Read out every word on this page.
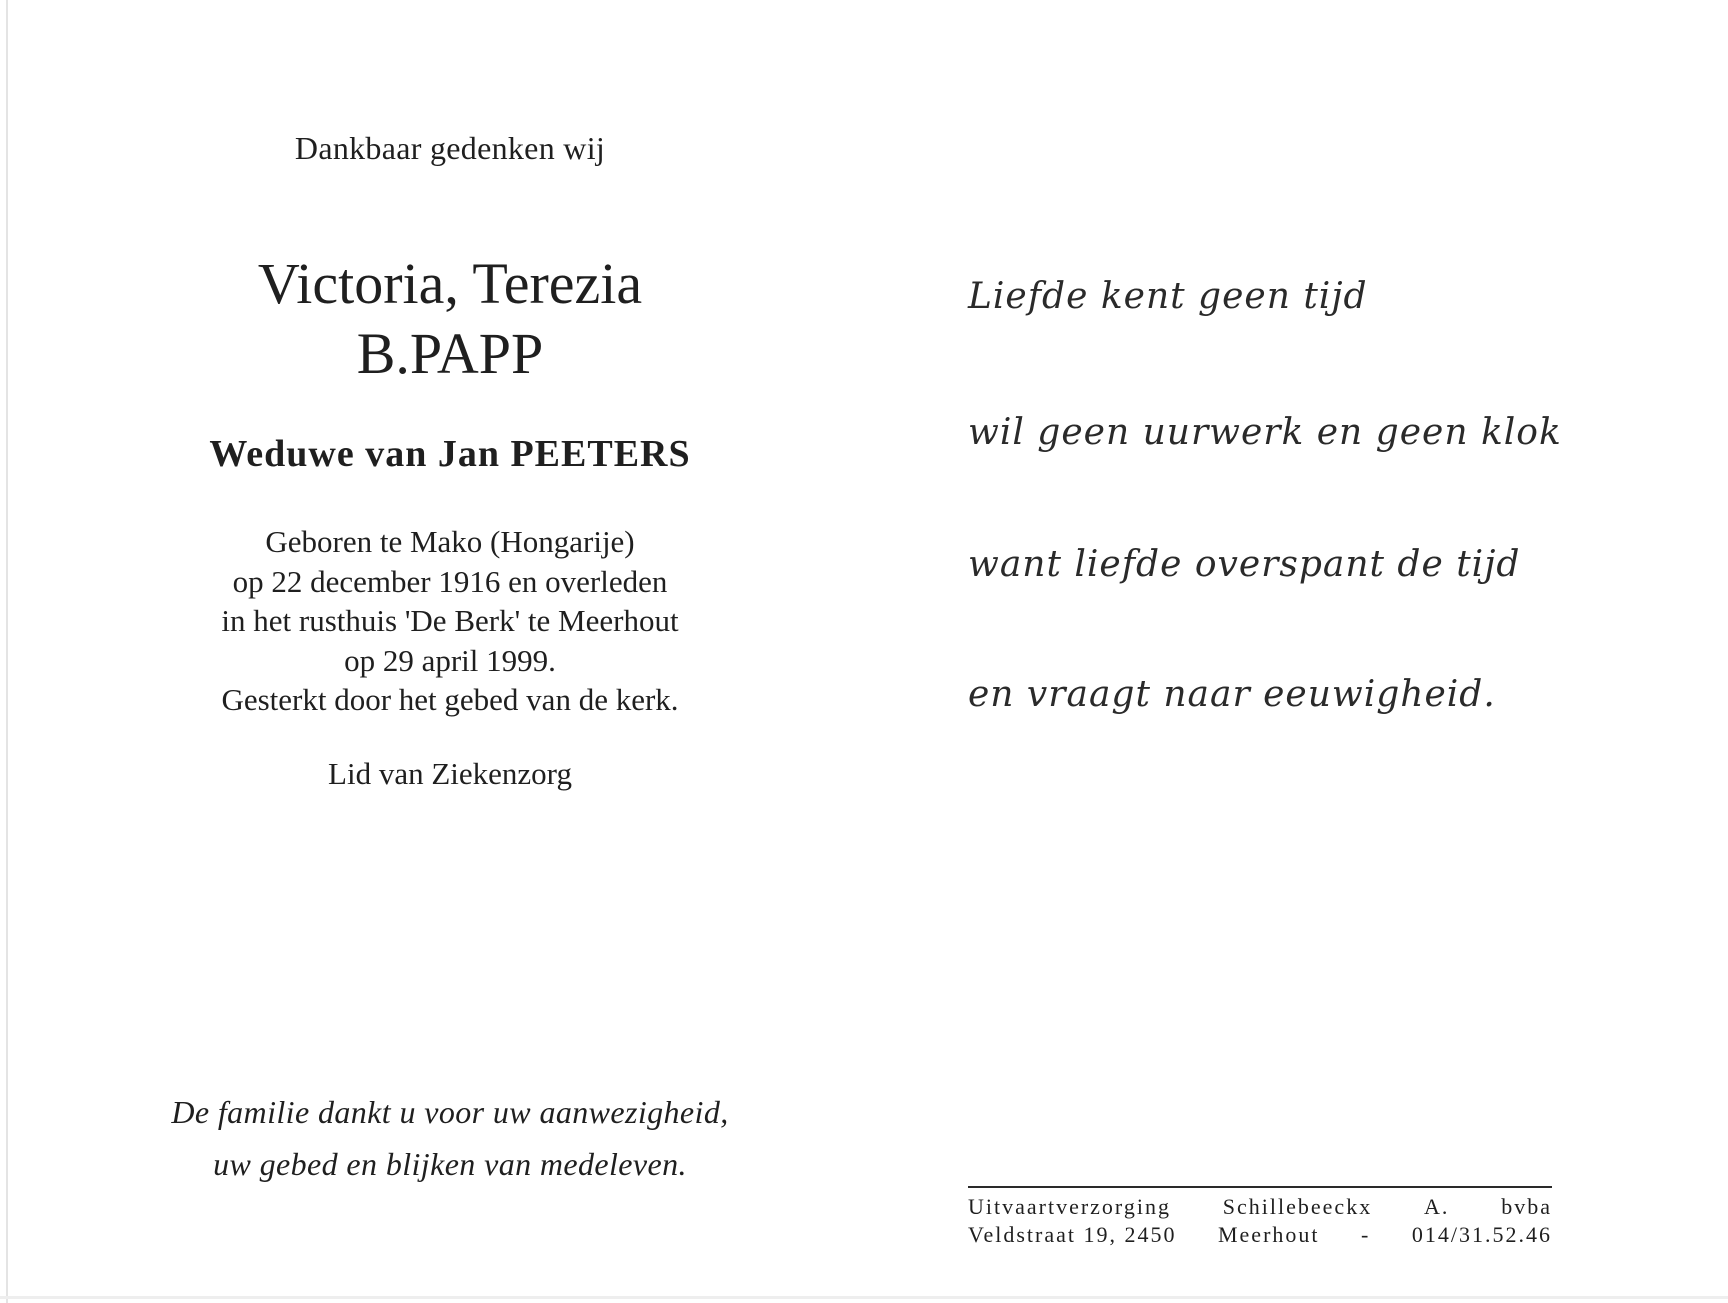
Dankbaar gedenken wij
Victoria, Terezia
B.PAPP
Weduwe van Jan PEETERS
Geboren te Mako (Hongarije)
op 22 december 1916 en overleden
in het rusthuis 'De Berk' te Meerhout
op 29 april 1999.
Gesterkt door het gebed van de kerk.
Lid van Ziekenzorg
De familie dankt u voor uw aanwezigheid,
uw gebed en blijken van medeleven.
Liefde kent geen tijd
wil geen uurwerk en geen klok
want liefde overspant de tijd
en vraagt naar eeuwigheid.
Uitvaartverzorging Schillebeeckx A. bvba
Veldstraat 19, 2450 Meerhout - 014/31.52.46
